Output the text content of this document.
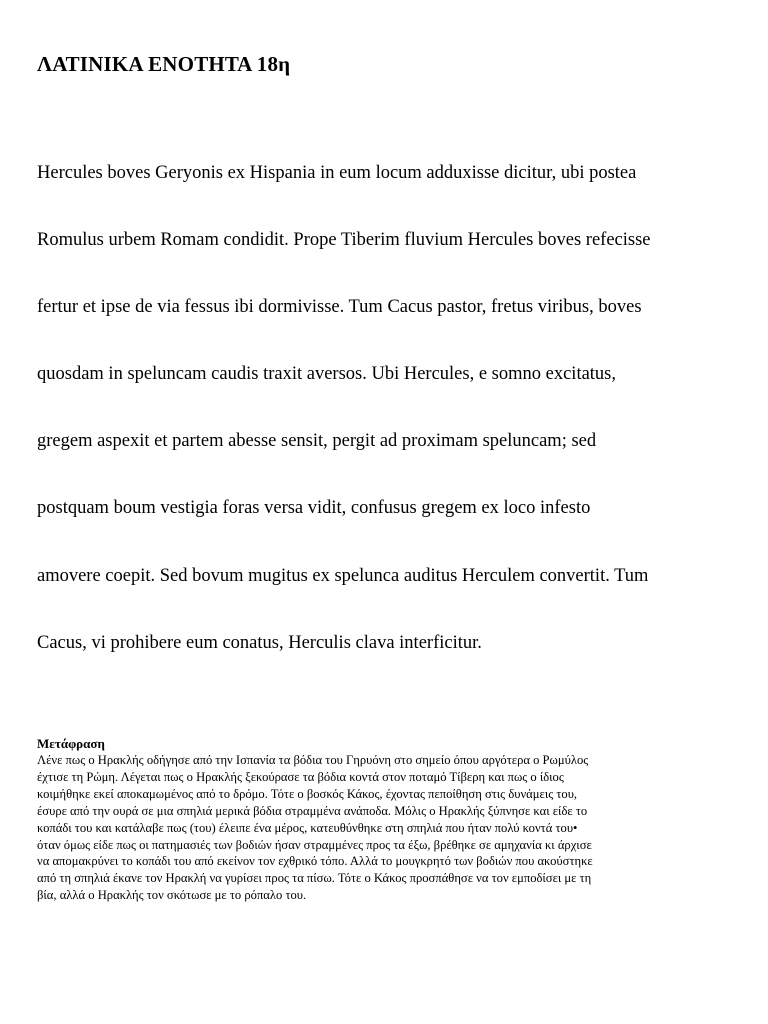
ΛΑΤΙΝΙΚΑ ΕΝΟΤΗΤΑ 18η

Hercules boves Geryonis ex Hispania in eum locum adduxisse dicitur, ubi postea

Romulus urbem Romam condidit. Prope Tiberim fluvium Hercules boves refecisse

fertur et ipse de via fessus ibi dormivisse. Tum Cacus pastor, fretus viribus, boves

quosdam in speluncam caudis traxit aversos. Ubi Hercules, e somno excitatus,

gregem aspexit et partem abesse sensit, pergit ad proximam speluncam; sed

postquam boum vestigia foras versa vidit, confusus gregem ex loco infesto

amovere coepit. Sed bovum mugitus ex spelunca auditus Herculem convertit. Tum

Cacus, vi prohibere eum conatus, Herculis clava interficitur.

Μετάφραση

Λένε πως ο Ηρακλής οδήγησε από την Ισπανία τα βόδια του Γηρυόνη στο σημείο όπου αργότερα ο Ρωμύλος

έχτισε τη Ρώμη. Λέγεται πως ο Ηρακλής ξεκούρασε τα βόδια κοντά στον ποταμό Τίβερη και πως ο ίδιος

κοιμήθηκε εκεί αποκαμωμένος από το δρόμο. Τότε ο βοσκός Κάκος, έχοντας πεποίθηση στις δυνάμεις του,

έσυρε από την ουρά σε μια σπηλιά μερικά βόδια στραμμένα ανάποδα. Μόλις ο Ηρακλής ξύπνησε και είδε το

κοπάδι του και κατάλαβε πως (του) έλειπε ένα μέρος, κατευθύνθηκε στη σπηλιά που ήταν πολύ κοντά του•

όταν όμως είδε πως οι πατημασιές των βοδιών ήσαν στραμμένες προς τα έξω, βρέθηκε σε αμηχανία κι άρχισε

να απομακρύνει το κοπάδι του από εκείνον τον εχθρικό τόπο. Αλλά το μουγκρητό των βοδιών που ακούστηκε

από τη σπηλιά έκανε τον Ηρακλή να γυρίσει προς τα πίσω. Τότε ο Κάκος προσπάθησε να τον εμποδίσει με τη

βία, αλλά ο Ηρακλής τον σκότωσε με το ρόπαλο του.
